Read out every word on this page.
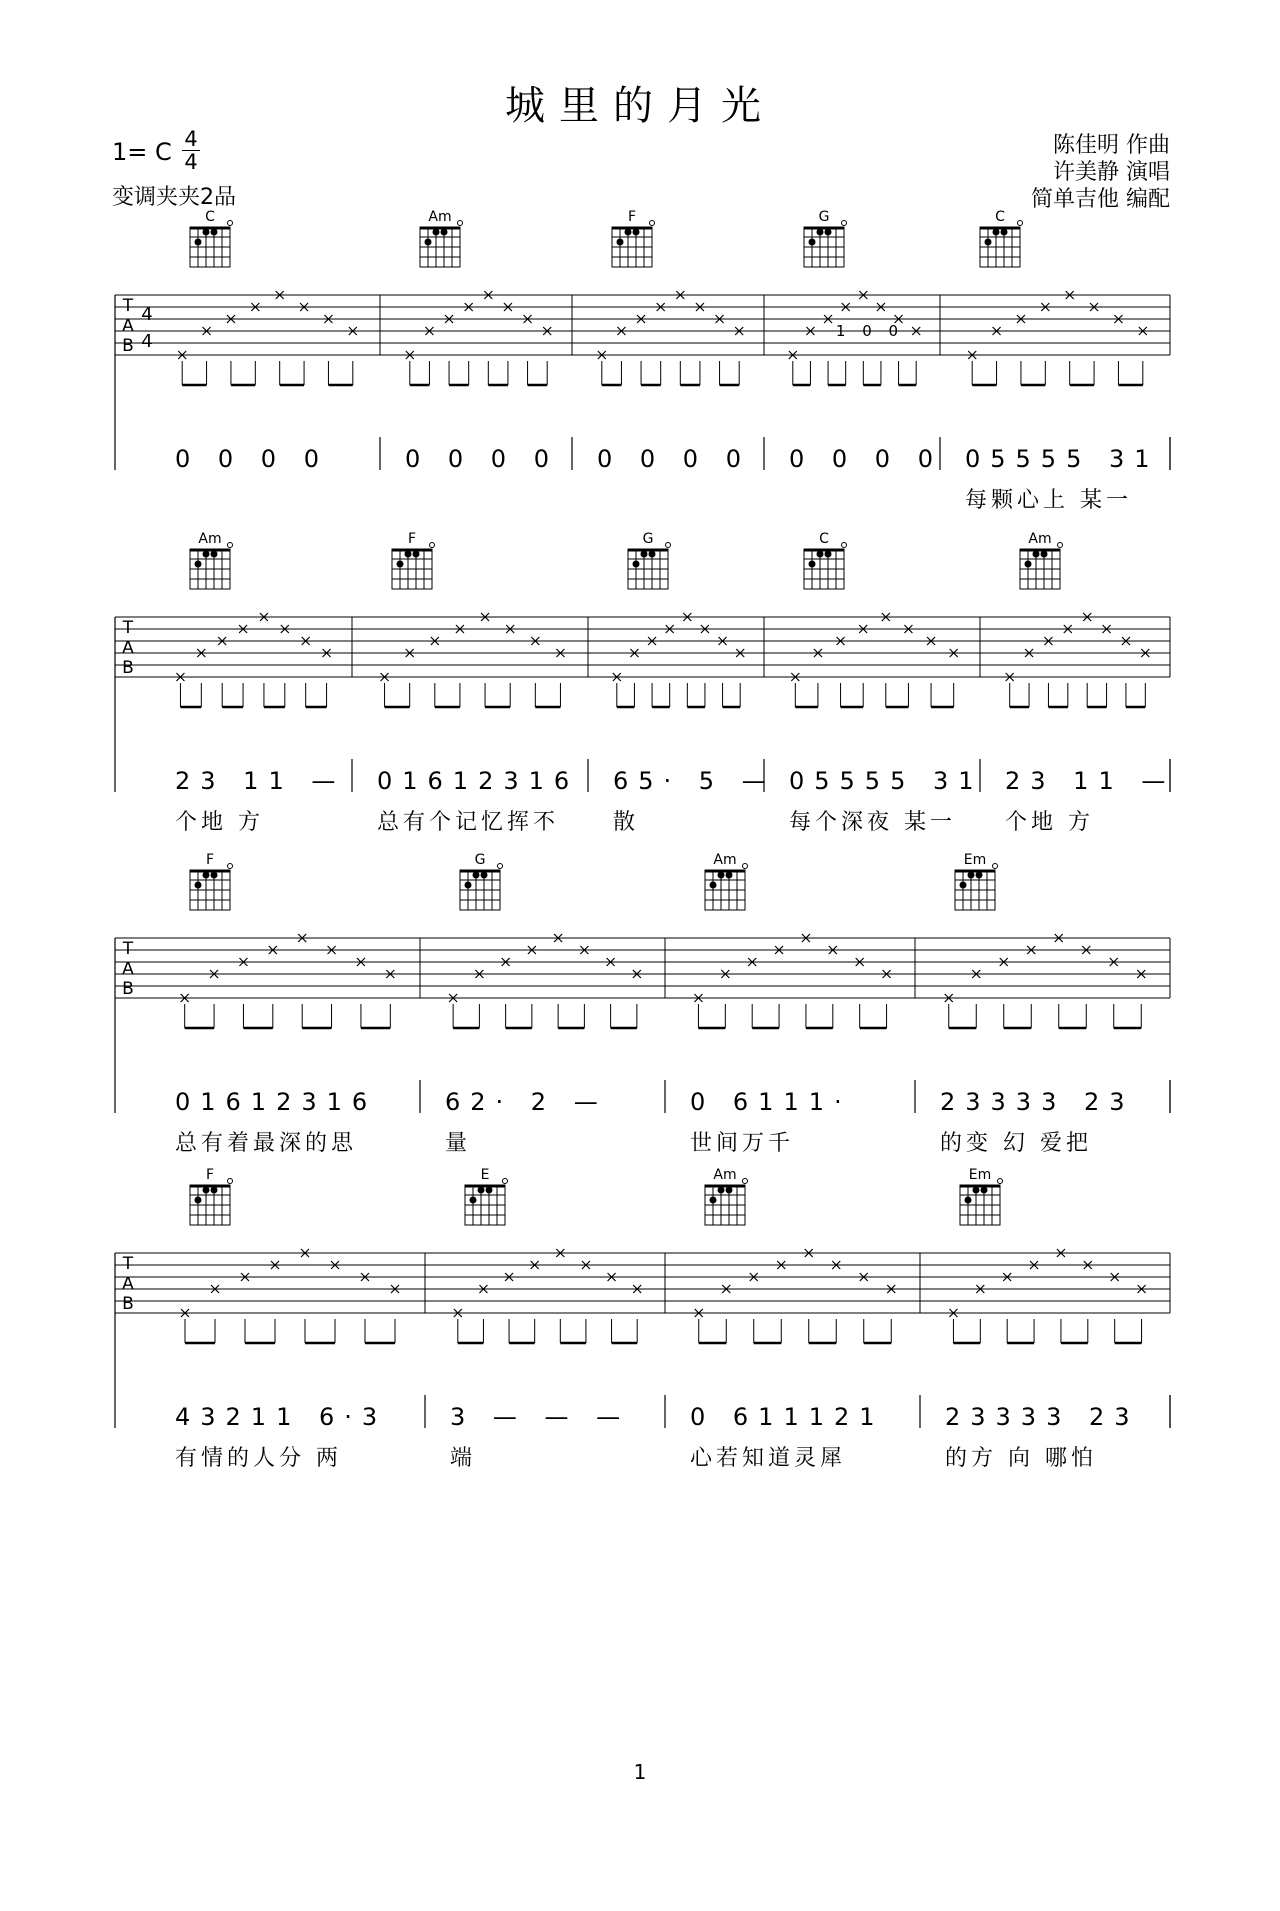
城里的月光
1= C 4
4
变调夹夹2品
陈佳明 作曲
许美静 演唱
简单吉他 编配
T
A
B
4
4
C
0 0 0 0
Am
0 0 0 0
F
0 0 0 0
G
0 0 0 0
C
05555 31
每颗心上 某一
1 0 0
T
A
B
Am
23 11 —
个地 方
F
01612316
总有个记忆挥不
G
65· 5 —
散
C
05555 31
每个深夜 某一
Am
23 11 —
个地 方
T
A
B
F
01612316
总有着最深的思
G
62· 2 —
量
Am
0 6111·
世间万千
Em
23333 23
的变 幻 爱把
T
A
B
F
43211 6·3
有情的人分 两
E
3 — — —
端
Am
0 611121
心若知道灵犀
Em
23333 23
的方 向 哪怕
1
